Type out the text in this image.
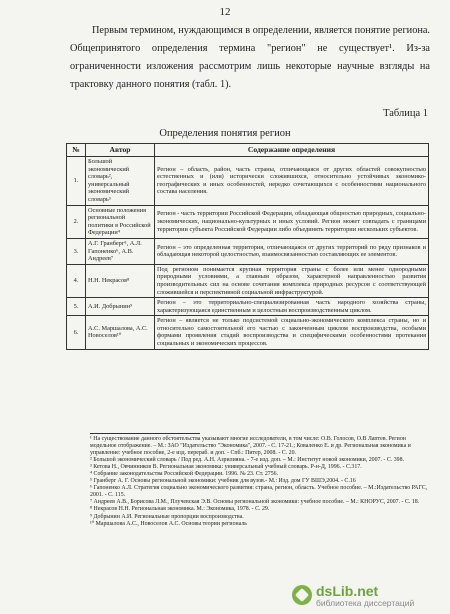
12

Первым термином, нуждающимся в определении, является понятие региона. Общепринятого определения термина "регион" не существует¹. Из-за ограниченности изложения рассмотрим лишь некоторые научные взгляды на трактовку данного понятия (табл. 1).

Таблица 1
Определения понятия регион
№	Автор	Содержание определения
1.	Большой экономический словарь², универсальный экономический словарь³	Регион – область, район, часть страны, отличающаяся от других областей совокупностью естественных и (или) исторически сложившихся, относительно устойчивых экономико-географических и иных особенностей, нередко сочетающихся с особенностями национального состава населения.
2.	Основные положения региональной политики в Российской Федерации⁴	Регион - часть территории Российской Федерации, обладающая общностью природных, социально-экономических, национально-культурных и иных условий. Регион может совпадать с границами территории субъекта Российской Федерации либо объединять территории нескольких субъектов.
3.	А.Г. Гранберг⁵, А.Л. Гапоненко⁶, А.В. Андреев⁷	Регион – это определенная территория, отличающаяся от других территорий по ряду признаков и обладающая некоторой целостностью, взаимосвязанностью составляющих ее элементов.
4.	Н.Н. Некрасов⁸	Под регионом понимается крупная территория страны с более или менее однородными природными условиями, а главным образом, характерной направленностью развития производительных сил на основе сочетания комплекса природных ресурсов с соответствующей сложившейся и перспективной социальной инфраструктурой.
5.	А.И. Добрынин⁹	Регион – это территориально-специализированная часть народного хозяйства страны, характеризующаяся единственным и целостным воспроизводственным циклом.
6.	А.С. Маршалова, А.С. Новоселов¹⁰	Регион – является не только подсистемой социально-экономического комплекса страны, но и относительно самостоятельной его частью с законченным циклом воспроизводства, особыми формами проявления стадий воспроизводства и специфическими особенностями протекания социальных и экономических процессов.
¹ На существование данного обстоятельства указывают многие исследователи, в том числе: О.В. Голосов, О.В Лаптев. Регион модельное отображение. – М.: ЗАО "Издательство "Экономика", 2007. - С. 17-21.; Коваленко Е. и др. Региональная экономика и управление: учебное пособие, 2-е изд. перераб. и доп. - Спб.: Питер, 2008. - С. 20.
² Большой экономический словарь / Под ред. А.Н. Азрилияна. - 7-е изд. доп. – М.: Институт новой экономики, 2007. - С. 398.
³ Кетова Н., Овчинников В. Региональная экономика: универсальный учебный словарь. Р-н-Д, 1996. - С.317.
⁴ Собрание законодательства Российской Федерации. 1996. № 23. Ст. 2756.
⁵ Гранберг А. Г. Основы региональной экономики: учебник для вузов.- М.: Изд. дом ГУ ВШЭ,2004. - С.16
⁶ Гапоненко А.Л. Стратегия социально экономического развития: страна, регион, область. Учебное пособие. – М.:Издательство РАГС, 2001. - С. 115.
⁷ Андреев А.В., Борисова Л.М., Плучевская Э.В. Основы региональной экономики: учебное пособие. – М.: КНОРУС, 2007. - С. 18.
⁸ Некрасов Н.Н. Региональная экономика. М.: Экономика, 1978. - С. 29.
⁹ Добрынин А.И. Региональные пропорции воспроизводства.
¹⁰ Маршалова А.С., Новоселов А.С. Основы теории региональ
dsLib.net
библиотека диссертаций
